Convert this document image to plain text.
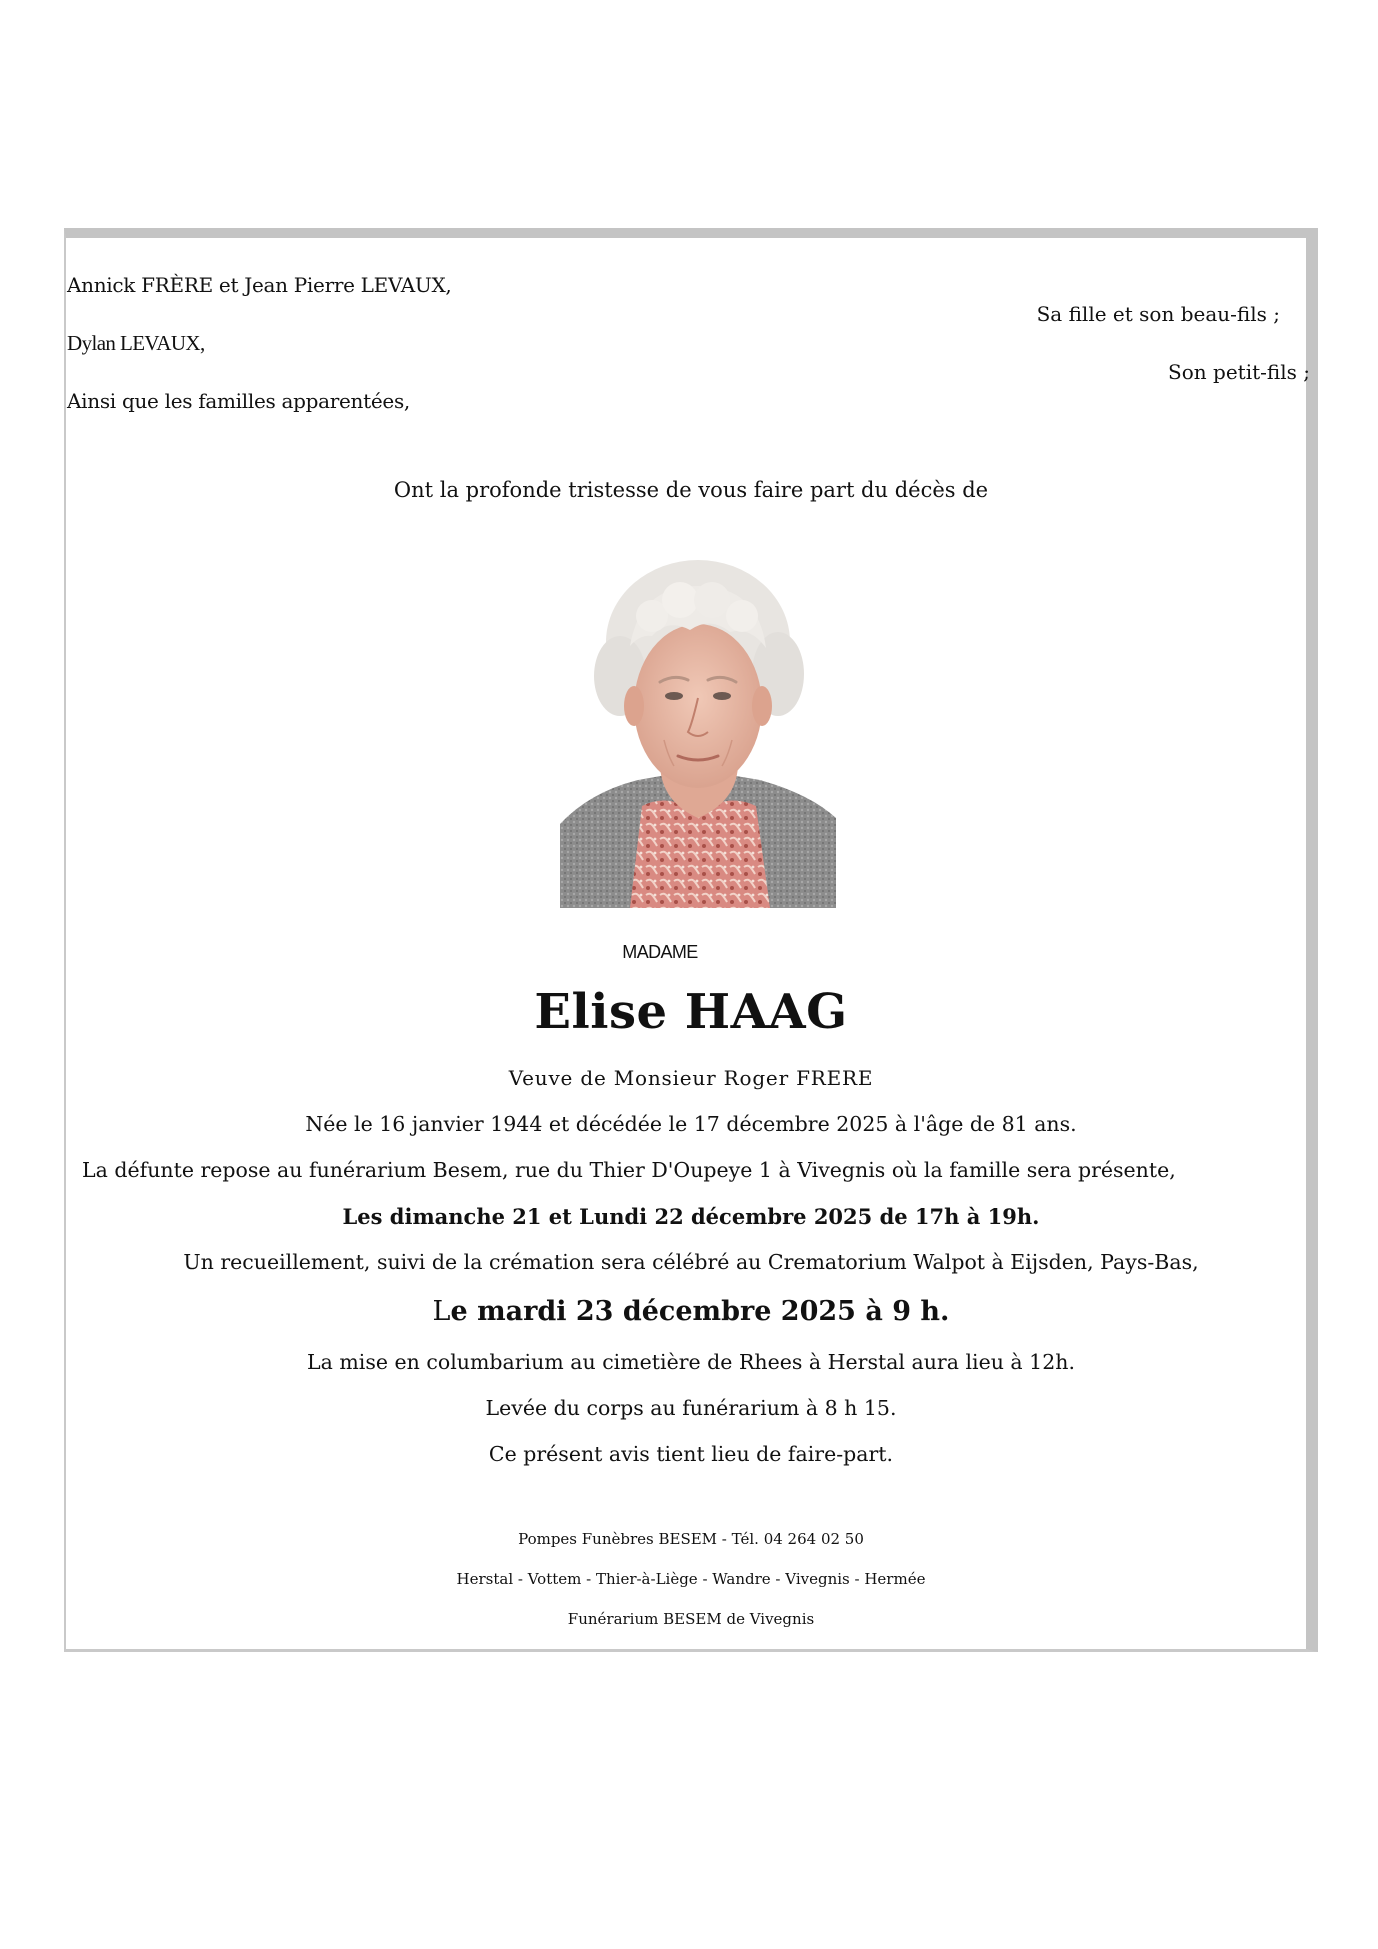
Annick FRÈRE et Jean Pierre LEVAUX,
Sa fille et son beau-fils ;
Dylan LEVAUX,
Son petit-fils ;
Ainsi que les familles apparentées,
Ont la profonde tristesse de vous faire part du décès de
MADAME
Elise HAAG
Veuve de Monsieur Roger FRERE
Née le 16 janvier 1944 et décédée le 17 décembre 2025 à l'âge de 81 ans.
La défunte repose au funérarium Besem, rue du Thier D'Oupeye 1 à Vivegnis où la famille sera présente,
Les dimanche 21 et Lundi 22 décembre 2025 de 17h à 19h.
Un recueillement, suivi de la crémation sera célébré au Crematorium Walpot à Eijsden, Pays-Bas,
Le mardi 23 décembre 2025 à 9 h.
La mise en columbarium au cimetière de Rhees à Herstal aura lieu à 12h.
Levée du corps au funérarium à 8 h 15.
Ce présent avis tient lieu de faire-part.
Pompes Funèbres BESEM - Tél. 04 264 02 50
Herstal - Vottem - Thier-à-Liège - Wandre - Vivegnis - Hermée
Funérarium BESEM de Vivegnis
